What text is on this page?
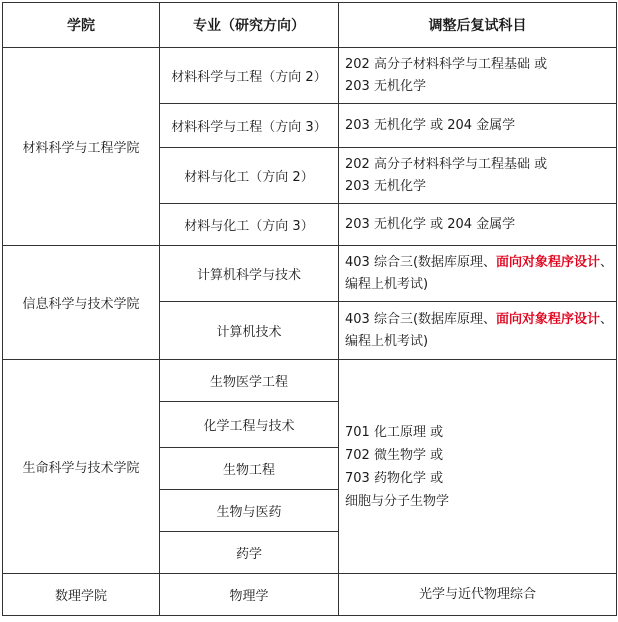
学院	专业（研究方向）	调整后复试科目
材料科学与工程学院	材料科学与工程（方向 2）	202 高分子材料科学与工程基础 或
203 无机化学

	材料科学与工程（方向 3）	203 无机化学 或 204 金属学
	材料与化工（方向 2）	202 高分子材料科学与工程基础 或
203 无机化学

	材料与化工（方向 3）	203 无机化学 或 204 金属学
信息科学与技术学院	计算机科学与技术	403 综合三(数据库原理、面向对象程序设计、
编程上机考试)

	计算机技术	403 综合三(数据库原理、面向对象程序设计、
编程上机考试)

生命科学与技术学院	生物医学工程	701 化工原理 或
702 微生物学 或
703 药物化学 或
细胞与分子生物学

	化学工程与技术	
	生物工程	
	生物与医药	
	药学	
数理学院	物理学	光学与近代物理综合
